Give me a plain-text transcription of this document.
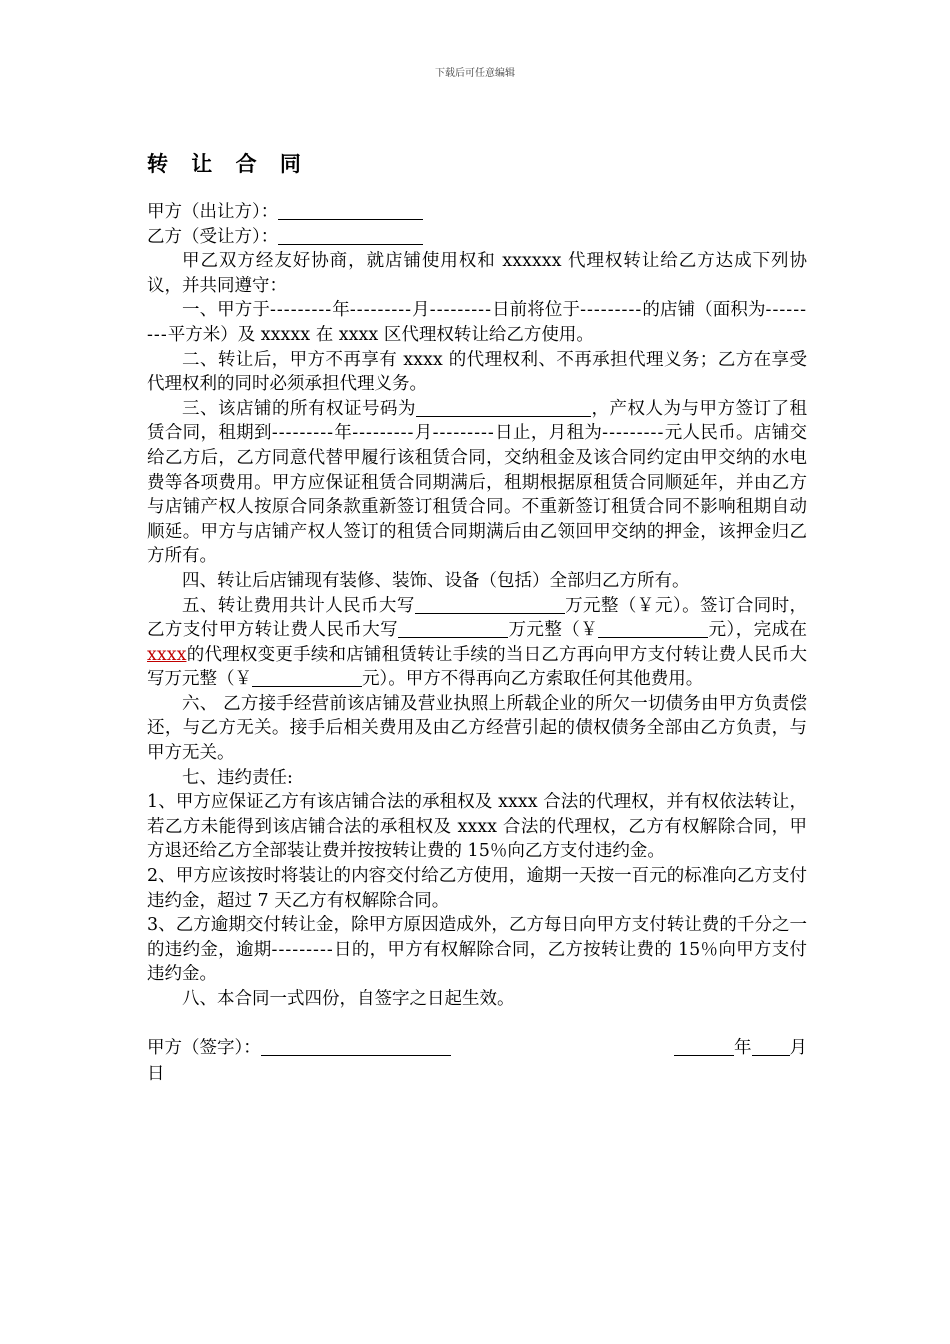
下载后可任意编辑
转 让 合 同

甲方（出让方）：

乙方（受让方）：

甲乙双方经友好协商，就店铺使用权和 xxxxxx 代理权转让给乙方达成下列协议，并共同遵守：

一、甲方于---------年---------月---------日前将位于---------的店铺（面积为---------平方米）及 xxxxx 在 xxxx 区代理权转让给乙方使用。

二、转让后，甲方不再享有 xxxx 的代理权利、不再承担代理义务；乙方在享受代理权利的同时必须承担代理义务。

三、该店铺的所有权证号码为	，产权人为与甲方签订了租赁合同，租期到---------年---------月---------日止，月租为---------元人民币。店铺交给乙方后，乙方同意代替甲履行该租赁合同，交纳租金及该合同约定由甲交纳的水电费等各项费用。甲方应保证租赁合同期满后，租期根据原租赁合同顺延年，并由乙方与店铺产权人按原合同条款重新签订租赁合同。不重新签订租赁合同不影响租期自动顺延。甲方与店铺产权人签订的租赁合同期满后由乙领回甲交纳的押金，该押金归乙方所有。

四、转让后店铺现有装修、装饰、设备（包括）全部归乙方所有。

五、转让费用共计人民币大写	万元整（￥元）。签订合同时，乙方支付甲方转让费人民币大写	万元整（￥	元），完成在xxxx的代理权变更手续和店铺租赁转让手续的当日乙方再向甲方支付转让费人民币大写万元整（￥	元）。甲方不得再向乙方索取任何其他费用。

六、 乙方接手经营前该店铺及营业执照上所载企业的所欠一切债务由甲方负责偿还，与乙方无关。接手后相关费用及由乙方经营引起的债权债务全部由乙方负责，与甲方无关。

七、违约责任:

1、甲方应保证乙方有该店铺合法的承租权及 xxxx 合法的代理权，并有权依法转让，若乙方未能得到该店铺合法的承租权及 xxxx 合法的代理权，乙方有权解除合同，甲方退还给乙方全部装让费并按按转让费的 15％向乙方支付违约金。

2、甲方应该按时将装让的内容交付给乙方使用，逾期一天按一百元的标准向乙方支付违约金，超过 7 天乙方有权解除合同。

3、乙方逾期交付转让金，除甲方原因造成外，乙方每日向甲方支付转让费的千分之一的违约金，逾期---------日的，甲方有权解除合同，乙方按转让费的 15％向甲方支付违约金。

八、本合同一式四份，自签字之日起生效。

甲方（签字）：	年 月

日
